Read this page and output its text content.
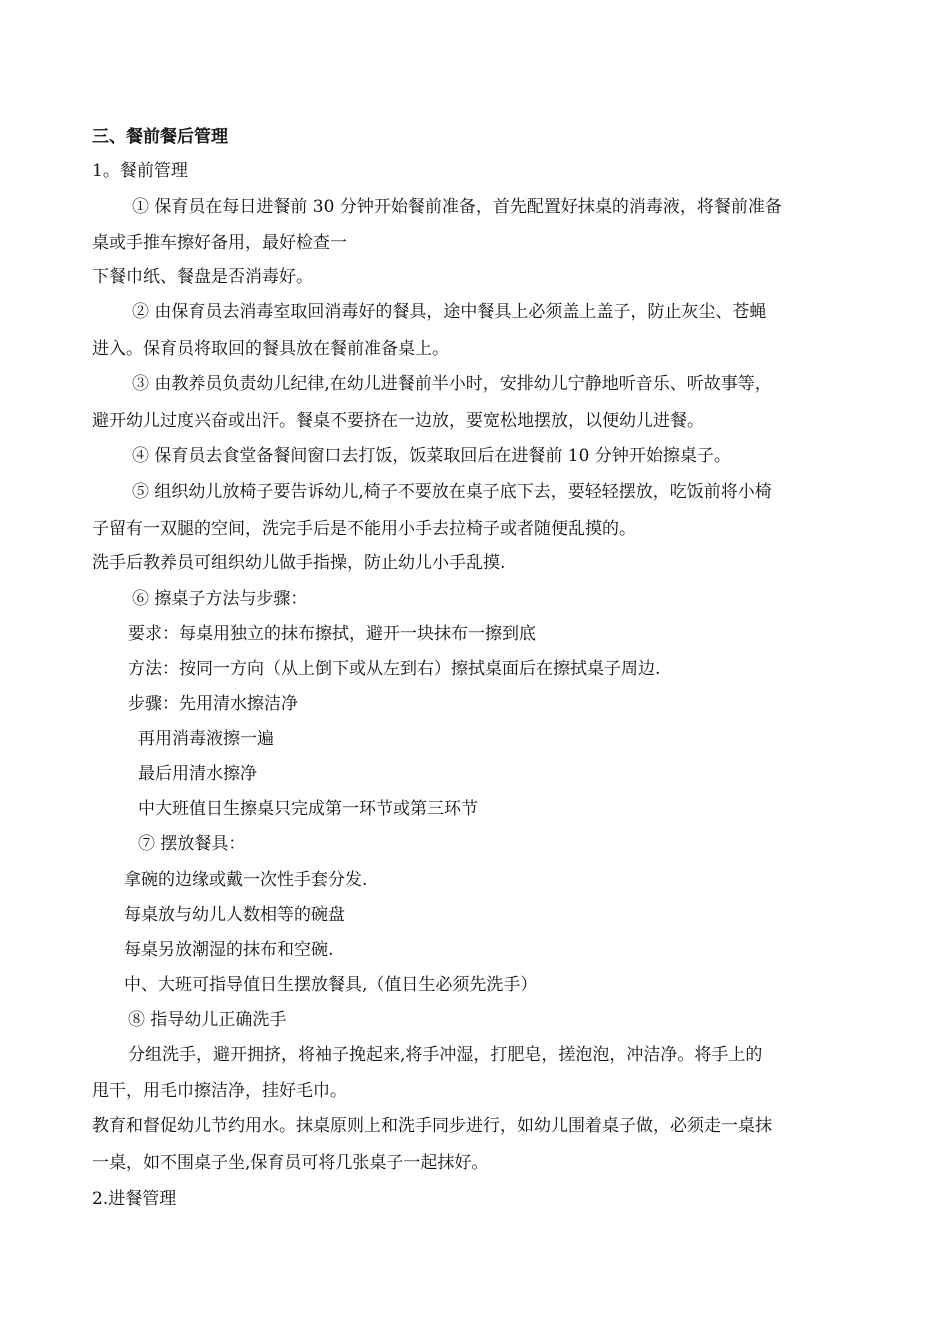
三、餐前餐后管理
1。餐前管理
① 保育员在每日进餐前 30 分钟开始餐前准备，首先配置好抹桌的消毒液，将餐前准备
桌或手推车擦好备用，最好检查一
下餐巾纸、餐盘是否消毒好。
② 由保育员去消毒室取回消毒好的餐具，途中餐具上必须盖上盖子，防止灰尘、苍蝇
进入。保育员将取回的餐具放在餐前准备桌上。
③ 由教养员负责幼儿纪律,在幼儿进餐前半小时，安排幼儿宁静地听音乐、听故事等，
避开幼儿过度兴奋或出汗。餐桌不要挤在一边放，要宽松地摆放，以便幼儿进餐。
④ 保育员去食堂备餐间窗口去打饭，饭菜取回后在进餐前 10 分钟开始擦桌子。
⑤ 组织幼儿放椅子要告诉幼儿,椅子不要放在桌子底下去，要轻轻摆放，吃饭前将小椅
子留有一双腿的空间，洗完手后是不能用小手去拉椅子或者随便乱摸的。
洗手后教养员可组织幼儿做手指操，防止幼儿小手乱摸.
⑥ 擦桌子方法与步骤：
要求：每桌用独立的抹布擦拭，避开一块抹布一擦到底
方法：按同一方向（从上倒下或从左到右）擦拭桌面后在擦拭桌子周边.
步骤：先用清水擦洁净
再用消毒液擦一遍
最后用清水擦净
中大班值日生擦桌只完成第一环节或第三环节
⑦ 摆放餐具：
拿碗的边缘或戴一次性手套分发.
每桌放与幼儿人数相等的碗盘
每桌另放潮湿的抹布和空碗.
中、大班可指导值日生摆放餐具,（值日生必须先洗手）
⑧ 指导幼儿正确洗手
分组洗手，避开拥挤，将袖子挽起来,将手冲湿，打肥皂，搓泡泡，冲洁净。将手上的
甩干，用毛巾擦洁净，挂好毛巾。
教育和督促幼儿节约用水。抹桌原则上和洗手同步进行，如幼儿围着桌子做，必须走一桌抹
一桌，如不围桌子坐,保育员可将几张桌子一起抹好。
2.进餐管理
